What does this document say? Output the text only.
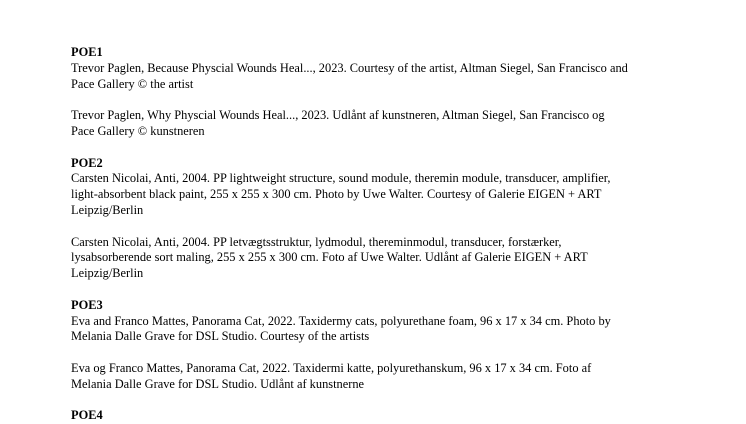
POE1

Trevor Paglen, Because Physcial Wounds Heal..., 2023. Courtesy of the artist, Altman Siegel, San Francisco and Pace Gallery © the artist

Trevor Paglen, Why Physcial Wounds Heal..., 2023. Udlånt af kunstneren, Altman Siegel, San Francisco og Pace Gallery © kunstneren

POE2

Carsten Nicolai, Anti, 2004. PP lightweight structure, sound module, theremin module, transducer, amplifier, light-absorbent black paint, 255 x 255 x 300 cm. Photo by Uwe Walter. Courtesy of Galerie EIGEN + ART Leipzig/Berlin

Carsten Nicolai, Anti, 2004. PP letvægtsstruktur, lydmodul, thereminmodul, transducer, forstærker, lysabsorberende sort maling, 255 x 255 x 300 cm. Foto af Uwe Walter. Udlånt af Galerie EIGEN + ART Leipzig/Berlin

POE3

Eva and Franco Mattes, Panorama Cat, 2022. Taxidermy cats, polyurethane foam, 96 x 17 x 34 cm. Photo by Melania Dalle Grave for DSL Studio. Courtesy of the artists

Eva og Franco Mattes, Panorama Cat, 2022. Taxidermi katte, polyurethanskum, 96 x 17 x 34 cm. Foto af Melania Dalle Grave for DSL Studio. Udlånt af kunstnerne

POE4
